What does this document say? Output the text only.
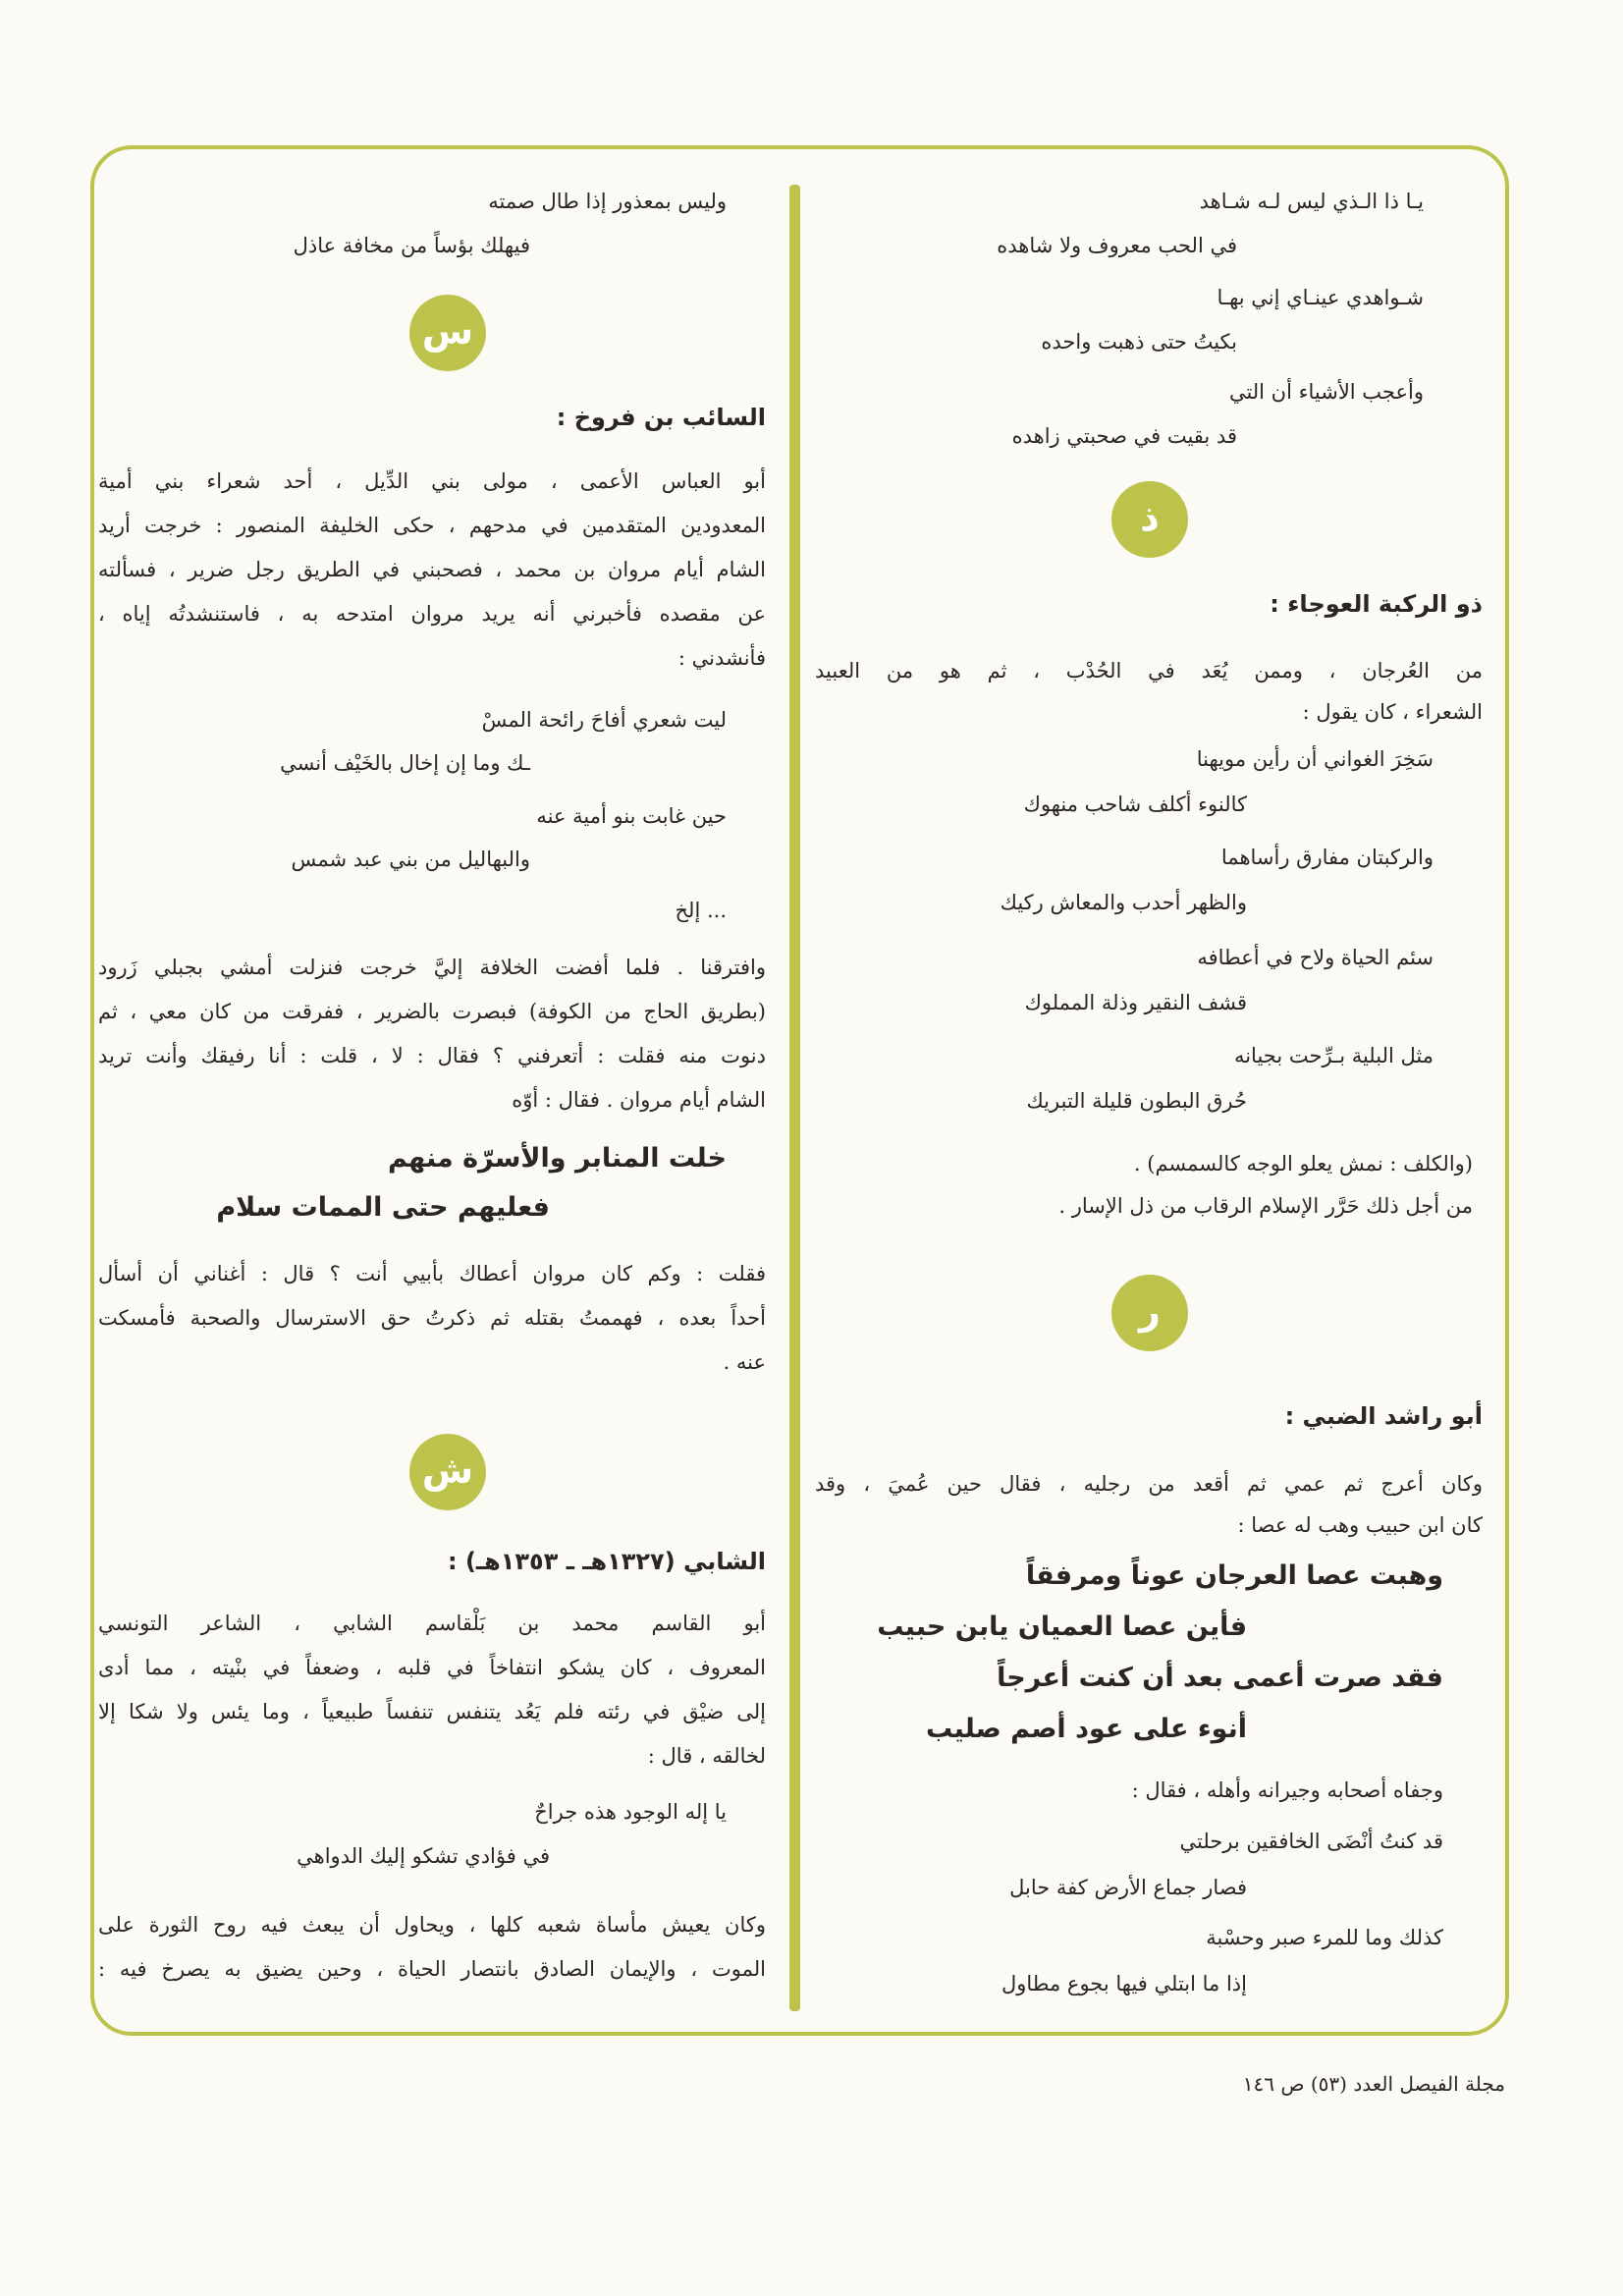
يـا ذا الـذي ليس لـه شـاهد
في الحب معروف ولا شاهده
شـواهدي عينـاي إني بهـا
بكيتُ حتى ذهبت واحده
وأعجب الأشياء أن التي
قد بقيت في صحبتي زاهده
ذ
ذو الركبة العوجاء :
من العُرجان ، وممن يُعَد في الحُدْب ، ثم هو من العبيد
الشعراء ، كان يقول :
سَخِرَ الغواني أن رأين مويهنا
كالنوء أكلف شاحب منهوك
والركبتان مفارق رأساهما
والظهر أحدب والمعاش ركيك
سئم الحياة ولاح في أعطافه
قشف النقير وذلة المملوك
مثل البلية بـرِّحت بجيانه
حُرق البطون قليلة التبريك
(والكلف : نمش يعلو الوجه كالسمسم) .
من أجل ذلك حَرَّر الإسلام الرقاب من ذل الإسار .
ر
أبو راشد الضبي :
وكان أعرج ثم عمي ثم أقعد من رجليه ، فقال حين عُميَ ، وقد
كان ابن حبيب وهب له عصا :
وهبت عصا العرجان عوناً ومرفقاً
فأين عصا العميان يابن حبيب
فقد صرت أعمى بعد أن كنت أعرجاً
أنوء على عود أصم صليب
وجفاه أصحابه وجيرانه وأهله ، فقال :
قد كنتُ أنْضَى الخافقين برحلتي
فصار جماع الأرض كفة حابل
كذلك وما للمرء صبر وحسْبة
إذا ما ابتلي فيها بجوع مطاول
وليس بمعذور إذا طال صمته
فيهلك بؤساً من مخافة عاذل
س
السائب بن فروخ :
أبو العباس الأعمى ، مولى بني الدِّيل ، أحد شعراء بني أمية
المعدودين المتقدمين في مدحهم ، حكى الخليفة المنصور : خرجت أريد
الشام أيام مروان بن محمد ، فصحبني في الطريق رجل ضرير ، فسألته
عن مقصده فأخبرني أنه يريد مروان امتدحه به ، فاستنشدتُه إياه ،
فأنشدني :
ليت شعري أفاحَ رائحة المسْ
ـك وما إن إخال بالخَيْف أنسي
حين غابت بنو أمية عنه
والبهاليل من بني عبد شمس
... إلخ
وافترقنا . فلما أفضت الخلافة إليَّ خرجت فنزلت أمشي بجبلي زَرود
(بطريق الحاج من الكوفة) فبصرت بالضرير ، ففرقت من كان معي ، ثم
دنوت منه فقلت : أتعرفني ؟ فقال : لا ، قلت : أنا رفيقك وأنت تريد
الشام أيام مروان . فقال : أوّه
خلت المنابر والأسرّة منهم
فعليهم حتى الممات سلام
فقلت : وكم كان مروان أعطاك بأبيي أنت ؟ قال : أغناني أن أسأل
أحداً بعده ، فهممتُ بقتله ثم ذكرتُ حق الاسترسال والصحبة فأمسكت
عنه .
ش
الشابي (١٣٢٧هـ ـ ١٣٥٣هـ) :
أبو القاسم محمد بن بَلْقاسم الشابي ، الشاعر التونسي
المعروف ، كان يشكو انتفاخاً في قلبه ، وضعفاً في بنْيته ، مما أدى
إلى ضيْق في رئته فلم يَعُد يتنفس تنفساً طبيعياً ، وما يئس ولا شكا إلا
لخالقه ، قال :
يا إله الوجود هذه جراحٌ
في فؤادي تشكو إليك الدواهي
وكان يعيش مأساة شعبه كلها ، ويحاول أن يبعث فيه روح الثورة على
الموت ، والإيمان الصادق بانتصار الحياة ، وحين يضيق به يصرخ فيه :
مجلة الفيصل العدد (٥٣) ص ١٤٦
